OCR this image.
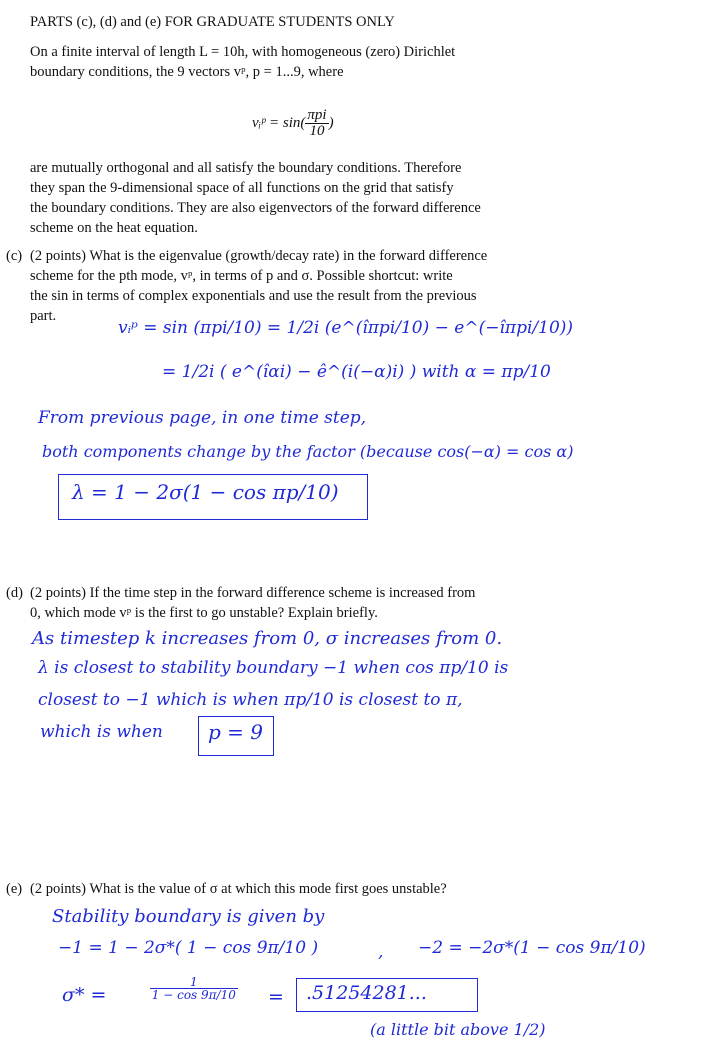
PARTS (c), (d) and (e) FOR GRADUATE STUDENTS ONLY

On a finite interval of length L = 10h, with homogeneous (zero) Dirichlet

boundary conditions, the 9 vectors vᵖ, p = 1...9, where

vᵢᵖ = $\sin( \frac{\text{πpi}}{10}$ )

are mutually orthogonal and all satisfy the boundary conditions. Therefore

they span the 9-dimensional space of all functions on the grid that satisfy

the boundary conditions. They are also eigenvectors of the forward difference

scheme on the heat equation.

(c) (2 points) What is the eigenvalue (growth/decay rate) in the forward difference

scheme for the pth mode, vᵖ, in terms of p and σ. Possible shortcut: write

the sin in terms of complex exponentials and use the result from the previous

part.

vᵢᵖ = sin (πpi/10) = 1/2i (e^(îπpi/10) − e^(−îπpi/10))
= 1/2i ( e^(îαi) − ê^(i(−α)i) ) with α = πp/10
From previous page, in one time step,
both components change by the factor (because cos(−α) = cos α)
λ = 1 − 2σ(1 − cos πp/10)
(d) (2 points) If the time step in the forward difference scheme is increased from

0, which mode vᵖ is the first to go unstable? Explain briefly.

As timestep k increases from 0, σ increases from 0.
λ is closest to stability boundary −1 when cos πp/10 is
closest to −1 which is when πp/10 is closest to π,
which is when p = 9
(e) (2 points) What is the value of σ at which this mode first goes unstable?

Stability boundary is given by
−1 = 1 − 2σ*( 1 − cos 9π/10 )	, −2 = −2σ*(1 − cos 9π/10)
σ* =	$\frac{1}{1 - \cos 9\pi/10} = .51254281$...
(a little bit above 1/2)
